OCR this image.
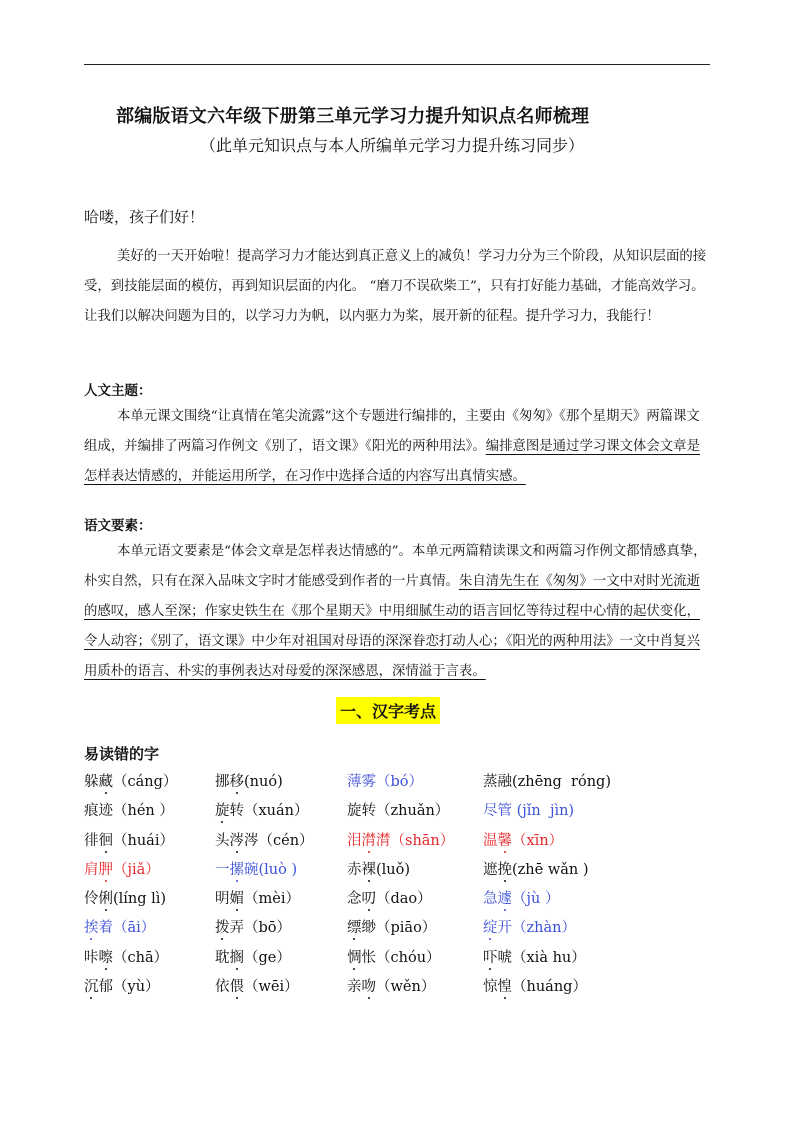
部编版语文六年级下册第三单元学习力提升知识点名师梳理
（此单元知识点与本人所编单元学习力提升练习同步）
哈喽，孩子们好！
美好的一天开始啦！提高学习力才能达到真正意义上的减负！学习力分为三个阶段，从知识层面的接受，到技能层面的模仿，再到知识层面的内化。 “磨刀不误砍柴工”，只有打好能力基础，才能高效学习。让我们以解决问题为目的，以学习力为帆，以内驱力为桨，展开新的征程。提升学习力，我能行！
人文主题：
本单元课文围绕“让真情在笔尖流露”这个专题进行编排的，主要由《匆匆》《那个星期天》两篇课文组成，并编排了两篇习作例文《别了，语文课》《阳光的两种用法》。编排意图是通过学习课文体会文章是怎样表达情感的，并能运用所学，在习作中选择合适的内容写出真情实感。
语文要素：
本单元语文要素是“体会文章是怎样表达情感的”。本单元两篇精读课文和两篇习作例文都情感真挚，朴实自然，只有在深入品味文字时才能感受到作者的一片真情。朱自清先生在《匆匆》一文中对时光流逝的感叹，感人至深；作家史铁生在《那个星期天》中用细腻生动的语言回忆等待过程中心情的起伏变化，令人动容；《别了，语文课》中少年对祖国对母语的深深眷恋打动人心；《阳光的两种用法》一文中肖复兴用质朴的语言、朴实的事例表达对母爱的深深感恩，深情溢于言表。
一、汉字考点
易读错的字
躲藏（cáng）	挪移(nuó)	薄雾（bó）	蒸融(zhēng  róng)
痕迹（hén ）	旋转（xuán）	旋转（zhuǎn） 尽管 (jǐn  jìn)
徘徊（huái）	头涔涔（cén） 泪潸潸（shān） 温馨（xīn）
肩胛（jiǎ）	一摞碗(luò )	赤裸(luǒ)	遮挽(zhē wǎn )
伶俐(líng lì)	明媚（mèi）	念叨（dao）	急遽（jù ）
挨着（āi）	拨弄（bō）	缥缈（piāo）	绽开（zhàn）
咔嚓（chā）	耽搁（ge）	惆怅（chóu）	吓唬（xià hu）
沉郁（yù）	依偎（wēi）	亲吻（wěn）	惊惶（huáng）
